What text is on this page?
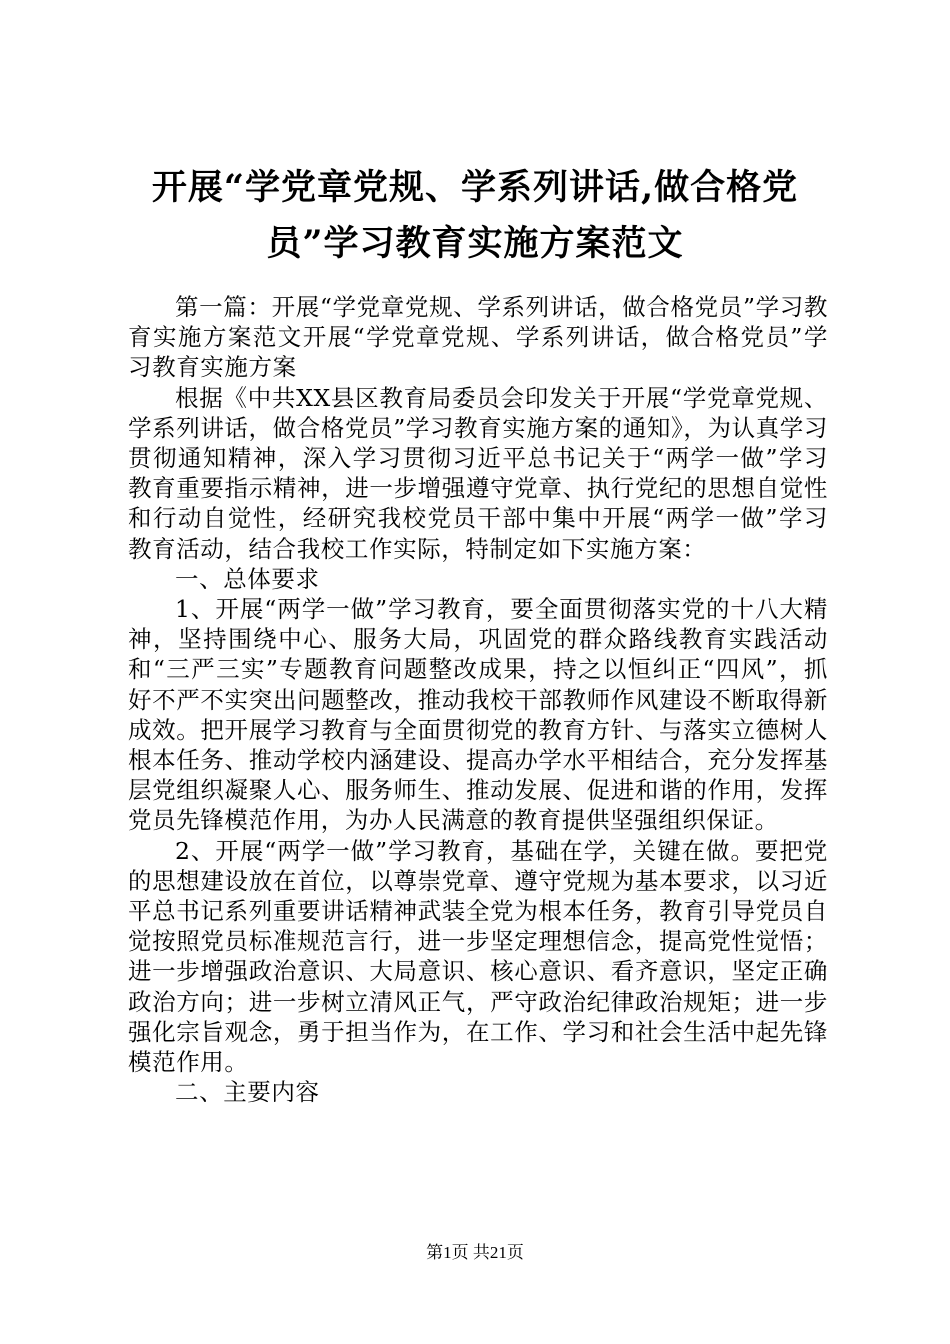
开展“学党章党规、学系列讲话,做合格党
员”学习教育实施方案范文

第一篇：开展“学党章党规、学系列讲话，做合格党员”学习教育实施方案范文开展“学党章党规、学系列讲话，做合格党员”学习教育实施方案

根据《中共XX县区教育局委员会印发关于开展“学党章党规、学系列讲话，做合格党员”学习教育实施方案的通知》，为认真学习贯彻通知精神，深入学习贯彻习近平总书记关于“两学一做”学习教育重要指示精神，进一步增强遵守党章、执行党纪的思想自觉性和行动自觉性，经研究我校党员干部中集中开展“两学一做”学习教育活动，结合我校工作实际，特制定如下实施方案：

一、总体要求

1、开展“两学一做”学习教育，要全面贯彻落实党的十八大精神，坚持围绕中心、服务大局，巩固党的群众路线教育实践活动和“三严三实”专题教育问题整改成果，持之以恒纠正“四风”，抓好不严不实突出问题整改，推动我校干部教师作风建设不断取得新成效。把开展学习教育与全面贯彻党的教育方针、与落实立德树人根本任务、推动学校内涵建设、提高办学水平相结合，充分发挥基层党组织凝聚人心、服务师生、推动发展、促进和谐的作用，发挥党员先锋模范作用，为办人民满意的教育提供坚强组织保证。

2、开展“两学一做”学习教育，基础在学，关键在做。要把党的思想建设放在首位，以尊崇党章、遵守党规为基本要求，以习近平总书记系列重要讲话精神武装全党为根本任务，教育引导党员自觉按照党员标准规范言行，进一步坚定理想信念，提高党性觉悟；进一步增强政治意识、大局意识、核心意识、看齐意识，坚定正确政治方向；进一步树立清风正气，严守政治纪律政治规矩；进一步强化宗旨观念，勇于担当作为，在工作、学习和社会生活中起先锋模范作用。

二、主要内容

第1页 共21页
